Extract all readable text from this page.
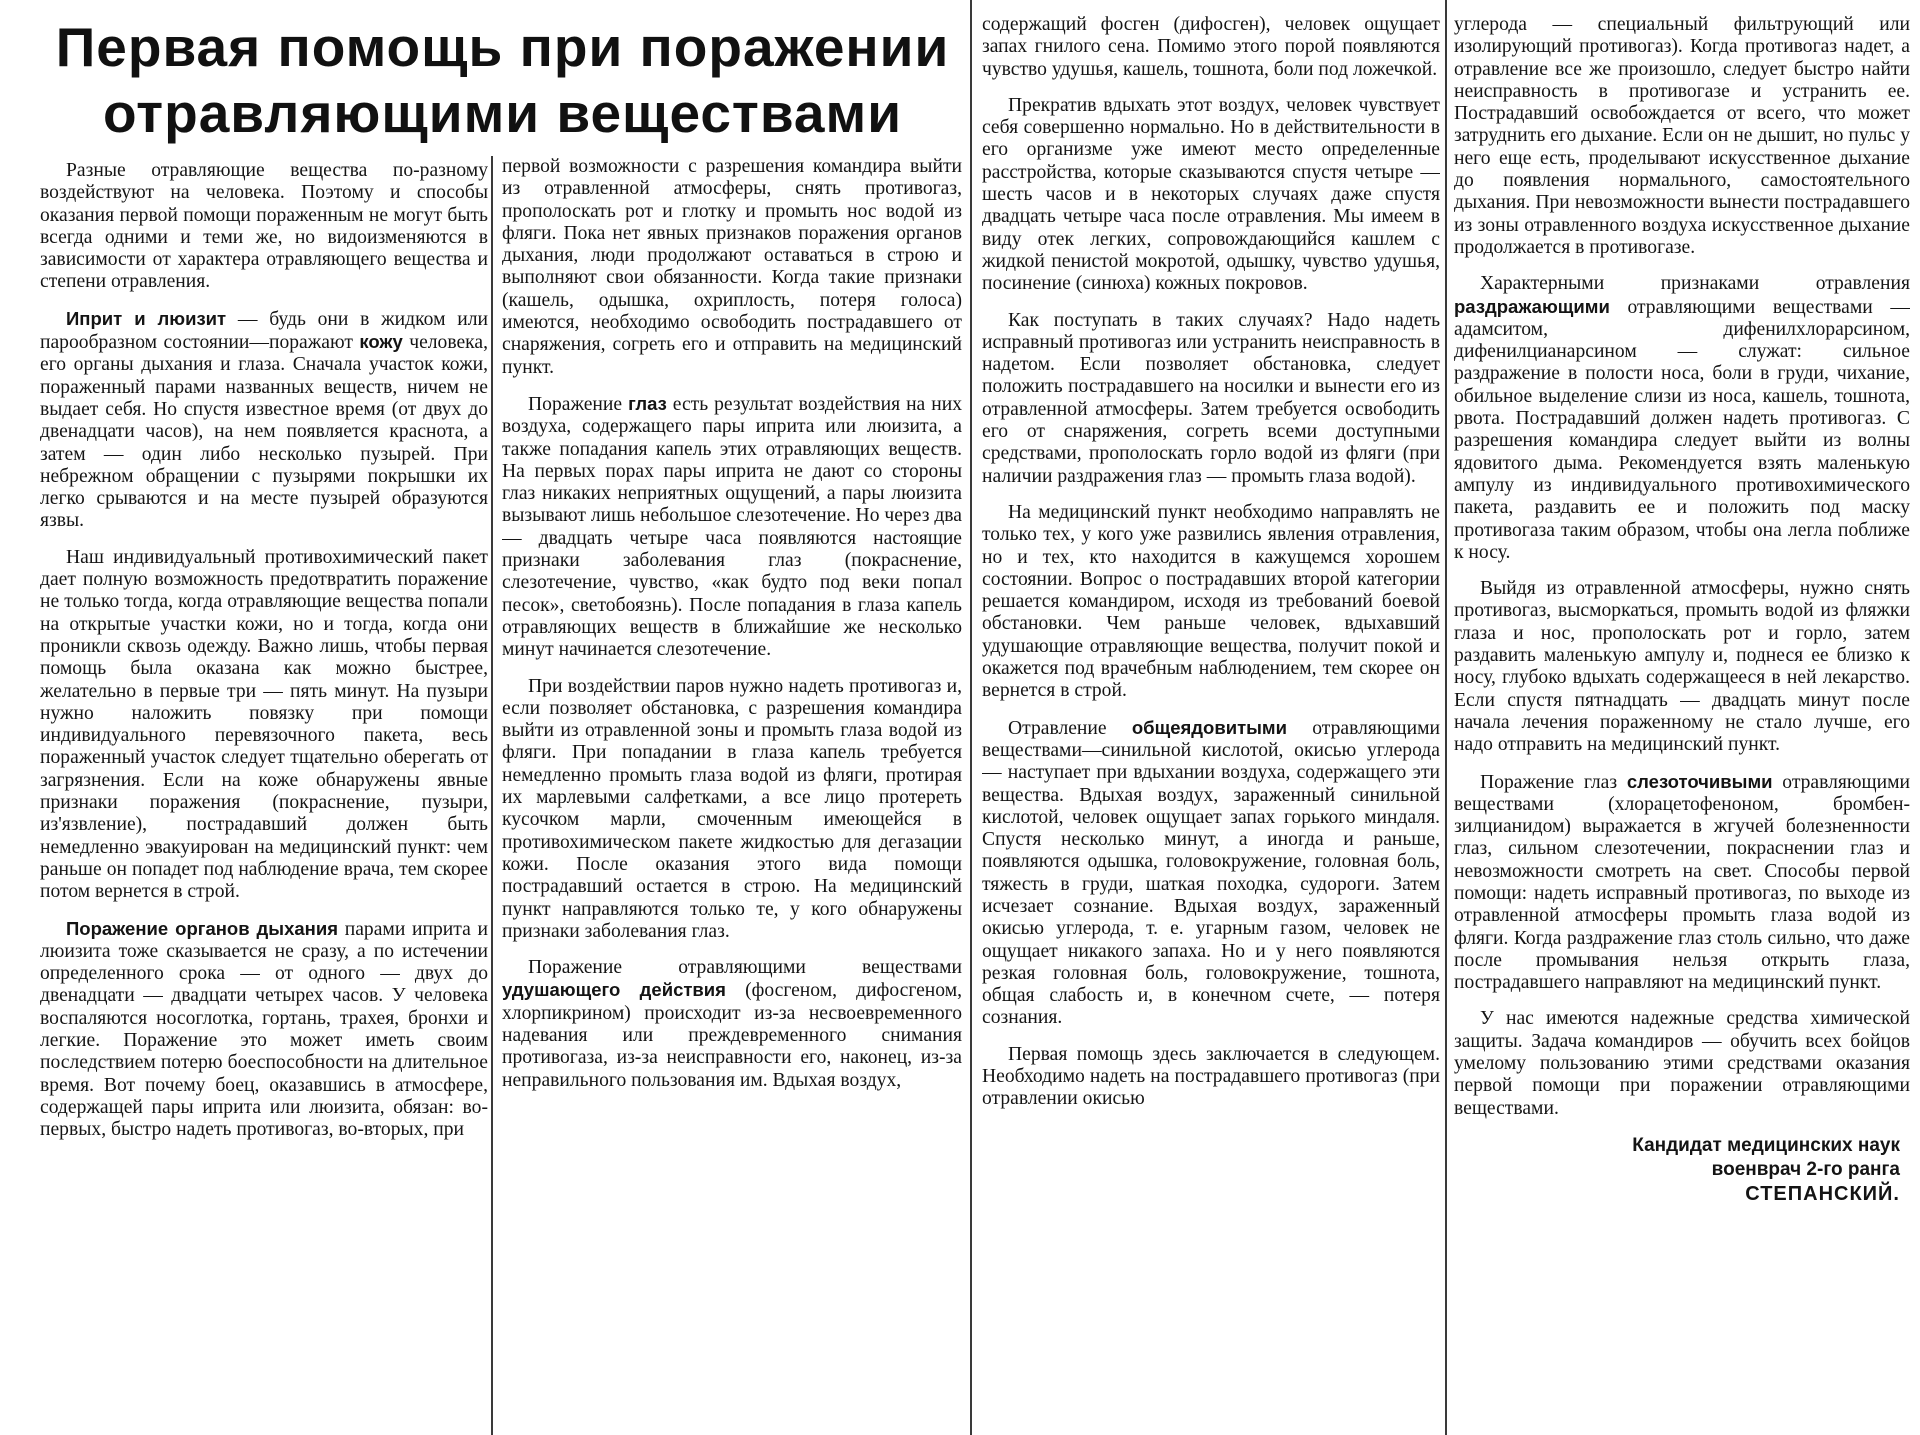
Первая помощь при поражении
отравляющими веществами

Разные отравляющие вещества по-разному воздействуют на человека. Поэтому и способы оказания первой помощи пораженным не могут быть всегда одними и теми же, но видоизменяются в зависимости от характера отравляющего вещества и степени отравления.

Иприт и люизит — будь они в жидком или парообразном состоянии—поражают кожу человека, его органы дыхания и глаза. Сначала участок кожи, пораженный парами названных веществ, ничем не выдает себя. Но спустя известное время (от двух до двенадцати часов), на нем появляется краснота, а затем — один либо несколько пузырей. При небрежном обращении с пузырями покрышки их легко срываются и на месте пузырей образуются язвы.

Наш индивидуальный противохимический пакет дает полную возможность предотвратить поражение не только тогда, когда отравляющие вещества попали на открытые участки кожи, но и тогда, когда они проникли сквозь одежду. Важно лишь, чтобы первая помощь была оказана как можно быстрее, желательно в первые три — пять минут. На пузыри нужно наложить повязку при помощи индивидуального перевязочного пакета, весь пораженный участок следует тщательно оберегать от загрязнения. Если на коже обнаружены явные признаки поражения (покраснение, пузыри, из'язвление), пострадавший должен быть немедленно эвакуирован на медицинский пункт: чем раньше он попадет под наблюдение врача, тем скорее потом вернется в строй.

Поражение органов дыхания парами иприта и люизита тоже сказывается не сразу, а по истечении определенного срока — от одного — двух до двенадцати — двадцати четырех часов. У человека воспаляются носоглотка, гортань, трахея, бронхи и легкие. Поражение это может иметь своим последствием потерю боеспособности на длительное время. Вот почему боец, оказавшись в атмосфере, содержащей пары иприта или люизита, обязан: во-первых, быстро надеть противогаз, во-вторых, при

первой возможности с разрешения командира выйти из отравленной атмосферы, снять противогаз, прополоскать рот и глотку и промыть нос водой из фляги. Пока нет явных признаков поражения органов дыхания, люди продолжают оставаться в строю и выполняют свои обязанности. Когда такие признаки (кашель, одышка, охриплость, потеря голоса) имеются, необходимо освободить пострадавшего от снаряжения, согреть его и отправить на медицинский пункт.

Поражение глаз есть результат воздействия на них воздуха, содержащего пары иприта или люизита, а также попадания капель этих отравляющих веществ. На первых порах пары иприта не дают со стороны глаз никаких неприятных ощущений, а пары люизита вызывают лишь небольшое слезотечение. Но через два — двадцать четыре часа появляются настоящие признаки заболевания глаз (покраснение, слезотечение, чувство, «как будто под веки попал песок», светобоязнь). После попадания в глаза капель отравляющих веществ в ближайшие же несколько минут начинается слезотечение.

При воздействии паров нужно надеть противогаз и, если позволяет обстановка, с разрешения командира выйти из отравленной зоны и промыть глаза водой из фляги. При попадании в глаза капель требуется немедленно промыть глаза водой из фляги, протирая их марлевыми салфетками, а все лицо протереть кусочком марли, смоченным имеющейся в противохимическом пакете жидкостью для дегазации кожи. После оказания этого вида помощи пострадавший остается в строю. На медицинский пункт направляются только те, у кого обнаружены признаки заболевания глаз.

Поражение отравляющими веществами удушающего действия (фосгеном, дифосгеном, хлорпикрином) происходит из-за несвоевременного надевания или преждевременного снимания противогаза, из-за неисправности его, наконец, из-за неправильного пользования им. Вдыхая воздух,

содержащий фосген (дифосген), человек ощущает запах гнилого сена. Помимо этого порой появляются чувство удушья, кашель, тошнота, боли под ложечкой.

Прекратив вдыхать этот воздух, человек чувствует себя совершенно нормально. Но в действительности в его организме уже имеют место определенные расстройства, которые сказываются спустя четыре — шесть часов и в некоторых случаях даже спустя двадцать четыре часа после отравления. Мы имеем в виду отек легких, сопровождающийся кашлем с жидкой пенистой мокротой, одышку, чувство удушья, посинение (синюха) кожных покровов.

Как поступать в таких случаях? Надо надеть исправный противогаз или устранить неисправность в надетом. Если позволяет обстановка, следует положить пострадавшего на носилки и вынести его из отравленной атмосферы. Затем требуется освободить его от снаряжения, согреть всеми доступными средствами, прополоскать горло водой из фляги (при наличии раздражения глаз — промыть глаза водой).

На медицинский пункт необходимо направлять не только тех, у кого уже развились явления отравления, но и тех, кто находится в кажущемся хорошем состоянии. Вопрос о пострадавших второй категории решается командиром, исходя из требований боевой обстановки. Чем раньше человек, вдыхавший удушающие отравляющие вещества, получит покой и окажется под врачебным наблюдением, тем скорее он вернется в строй.

Отравление общеядовитыми отравляющими веществами—синильной кислотой, окисью углерода — наступает при вдыхании воздуха, содержащего эти вещества. Вдыхая воздух, зараженный синильной кислотой, человек ощущает запах горького миндаля. Спустя несколько минут, а иногда и раньше, появляются одышка, головокружение, головная боль, тяжесть в груди, шаткая походка, судороги. Затем исчезает сознание. Вдыхая воздух, зараженный окисью углерода, т. е. угарным газом, человек не ощущает никакого запаха. Но и у него появляются резкая головная боль, головокружение, тошнота, общая слабость и, в конечном счете, — потеря сознания.

Первая помощь здесь заключается в следующем. Необходимо надеть на пострадавшего противогаз (при отравлении окисью

углерода — специальный фильтрующий или изолирующий противогаз). Когда противогаз надет, а отравление все же произошло, следует быстро найти неисправность в противогазе и устранить ее. Пострадавший освобождается от всего, что может затруднить его дыхание. Если он не дышит, но пульс у него еще есть, проделывают искусственное дыхание до появления нормального, самостоятельного дыхания. При невозможности вынести пострадавшего из зоны отравленного воздуха искусственное дыхание продолжается в противогазе.

Характерными признаками отравления раздражающими отравляющими веществами — адамситом, дифенилхлорарсином, дифенилцианарсином — служат: сильное раздражение в полости носа, боли в груди, чихание, обильное выделение слизи из носа, кашель, тошнота, рвота. Пострадавший должен надеть противогаз. С разрешения командира следует выйти из волны ядовитого дыма. Рекомендуется взять маленькую ампулу из индивидуального противохимического пакета, раздавить ее и положить под маску противогаза таким образом, чтобы она легла поближе к носу.

Выйдя из отравленной атмосферы, нужно снять противогаз, высморкаться, промыть водой из фляжки глаза и нос, прополоскать рот и горло, затем раздавить маленькую ампулу и, поднеся ее близко к носу, глубоко вдыхать содержащееся в ней лекарство. Если спустя пятнадцать — двадцать минут после начала лечения пораженному не стало лучше, его надо отправить на медицинский пункт.

Поражение глаз слезоточивыми отравляющими веществами (хлорацетофеноном, бромбен-зилцианидом) выражается в жгучей болезненности глаз, сильном слезотечении, покраснении глаз и невозможности смотреть на свет. Способы первой помощи: надеть исправный противогаз, по выходе из отравленной атмосферы промыть глаза водой из фляги. Когда раздражение глаз столь сильно, что даже после промывания нельзя открыть глаза, пострадавшего направляют на медицинский пункт.

У нас имеются надежные средства химической защиты. Задача командиров — обучить всех бойцов умелому пользованию этими средствами оказания первой помощи при поражении отравляющими веществами.

Кандидат медицинских наук
военврач 2-го ранга
СТЕПАНСКИЙ.
